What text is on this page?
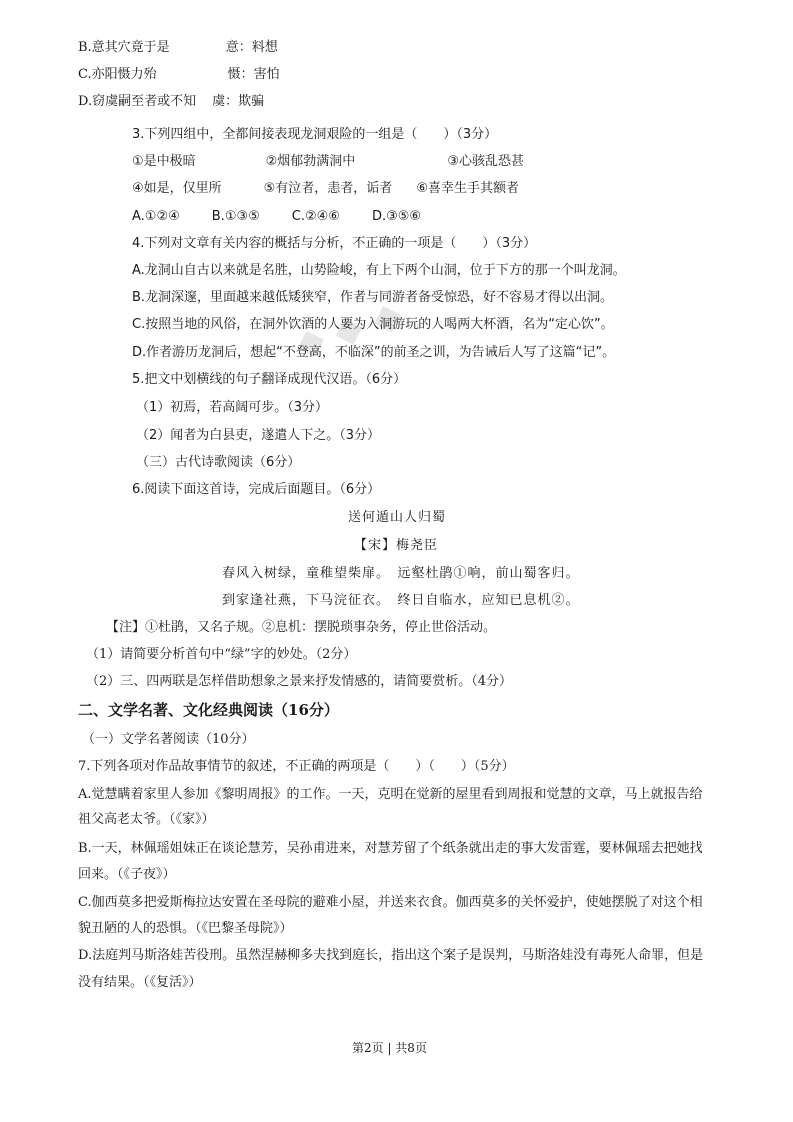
◆ ◆ ◆
B.意其穴竟于是	意：料想
C.亦阳慑力殆	慑：害怕
D.窃虞嗣至者或不知 虞：欺骗
3.下列四组中，全都间接表现龙洞艰险的一组是（　　）（3分）
①是中极暗	②烟郁勃满洞中	③心骇乱恐甚
④如是，仅里所	⑤有泣者，恚者，诟者 ⑥喜幸生手其额者
A.①②④ B.①③⑤ C.②④⑥ D.③⑤⑥
4.下列对文章有关内容的概括与分析，不正确的一项是（　　）（3分）
A.龙洞山自古以来就是名胜，山势险峻，有上下两个山洞，位于下方的那一个叫龙洞。
B.龙洞深邃，里面越来越低矮狭窄，作者与同游者备受惊恐，好不容易才得以出洞。
C.按照当地的风俗，在洞外饮酒的人要为入洞游玩的人喝两大杯酒，名为“定心饮”。
D.作者游历龙洞后，想起“不登高，不临深”的前圣之训，为告诫后人写了这篇“记”。
5.把文中划横线的句子翻译成现代汉语。（6分）
（1）初焉，若高阔可步。（3分）
（2）闻者为白县吏，遂遣人下之。（3分）
（三）古代诗歌阅读（6分）
6.阅读下面这首诗，完成后面题目。（6分）
送何遁山人归蜀
【宋】梅尧臣
春风入树绿，童稚望柴扉。　远壑杜鹃①响，前山蜀客归。
到家逢社燕，下马浣征衣。　终日自临水，应知已息机②。
【注】①杜鹃，又名子规。②息机：摆脱琐事杂务，停止世俗活动。
（1）请简要分析首句中“绿”字的妙处。（2分）
（2）三、四两联是怎样借助想象之景来抒发情感的，请简要赏析。（4分）
二、文学名著、文化经典阅读（16分）
（一）文学名著阅读（10分）
7.下列各项对作品故事情节的叙述，不正确的两项是（　　）（　　）（5分）
A.觉慧瞒着家里人参加《黎明周报》的工作。一天，克明在觉新的屋里看到周报和觉慧的文章，马上就报告给
祖父高老太爷。（《家》）
B.一天，林佩瑶姐妹正在谈论慧芳，吴孙甫进来，对慧芳留了个纸条就出走的事大发雷霆，要林佩瑶去把她找
回来。（《子夜》）
C.伽西莫多把爱斯梅拉达安置在圣母院的避难小屋，并送来衣食。伽西莫多的关怀爱护，使她摆脱了对这个相
貌丑陋的人的恐惧。（《巴黎圣母院》）
D.法庭判马斯洛娃苦役刑。虽然涅赫柳多夫找到庭长，指出这个案子是误判，马斯洛娃没有毒死人命罪，但是
没有结果。（《复活》）
第2页 | 共8页
